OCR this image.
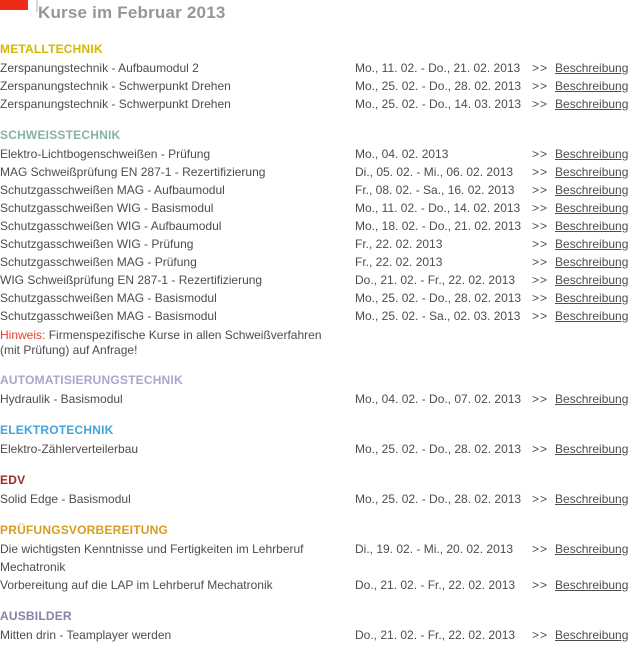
Kurse im Februar 2013
METALLTECHNIK
Zerspanungstechnik - Aufbaumodul 2	Mo., 11. 02. - Do., 21. 02. 2013 >> Beschreibung
Zerspanungstechnik - Schwerpunkt Drehen	Mo., 25. 02. - Do., 28. 02. 2013 >> Beschreibung
Zerspanungstechnik - Schwerpunkt Drehen	Mo., 25. 02. - Do., 14. 03. 2013 >> Beschreibung
SCHWEISSTECHNIK
Elektro-Lichtbogenschweißen - Prüfung	Mo., 04. 02. 2013	>> Beschreibung
MAG Schweißprüfung EN 287-1 - Rezertifizierung	Di., 05. 02. - Mi., 06. 02. 2013	>> Beschreibung
Schutzgasschweißen MAG - Aufbaumodul	Fr., 08. 02. - Sa., 16. 02. 2013	>> Beschreibung
Schutzgasschweißen WIG - Basismodul	Mo., 11. 02. - Do., 14. 02. 2013 >> Beschreibung
Schutzgasschweißen WIG - Aufbaumodul	Mo., 18. 02. - Do., 21. 02. 2013 >> Beschreibung
Schutzgasschweißen WIG - Prüfung	Fr., 22. 02. 2013	>> Beschreibung
Schutzgasschweißen MAG - Prüfung	Fr., 22. 02. 2013	>> Beschreibung
WIG Schweißprüfung EN 287-1 - Rezertifizierung	Do., 21. 02. - Fr., 22. 02. 2013	>> Beschreibung
Schutzgasschweißen MAG - Basismodul	Mo., 25. 02. - Do., 28. 02. 2013 >> Beschreibung
Schutzgasschweißen MAG - Basismodul	Mo., 25. 02. - Sa., 02. 03. 2013 >> Beschreibung

Hinweis: Firmenspezifische Kurse in allen Schweißverfahren
(mit Prüfung) auf Anfrage!

AUTOMATISIERUNGSTECHNIK
Hydraulik - Basismodul	Mo., 04. 02. - Do., 07. 02. 2013 >> Beschreibung
ELEKTROTECHNIK
Elektro-Zählerverteilerbau	Mo., 25. 02. - Do., 28. 02. 2013 >> Beschreibung
EDV
Solid Edge - Basismodul	Mo., 25. 02. - Do., 28. 02. 2013 >> Beschreibung
PRÜFUNGSVORBEREITUNG
Die wichtigsten Kenntnisse und Fertigkeiten im Lehrberuf Mechatronik
Di., 19. 02. - Mi., 20. 02. 2013	>> Beschreibung
Vorbereitung auf die LAP im Lehrberuf Mechatronik	Do., 21. 02. - Fr., 22. 02. 2013	>> Beschreibung
AUSBILDER
Mitten drin - Teamplayer werden	Do., 21. 02. - Fr., 22. 02. 2013	>> Beschreibung
